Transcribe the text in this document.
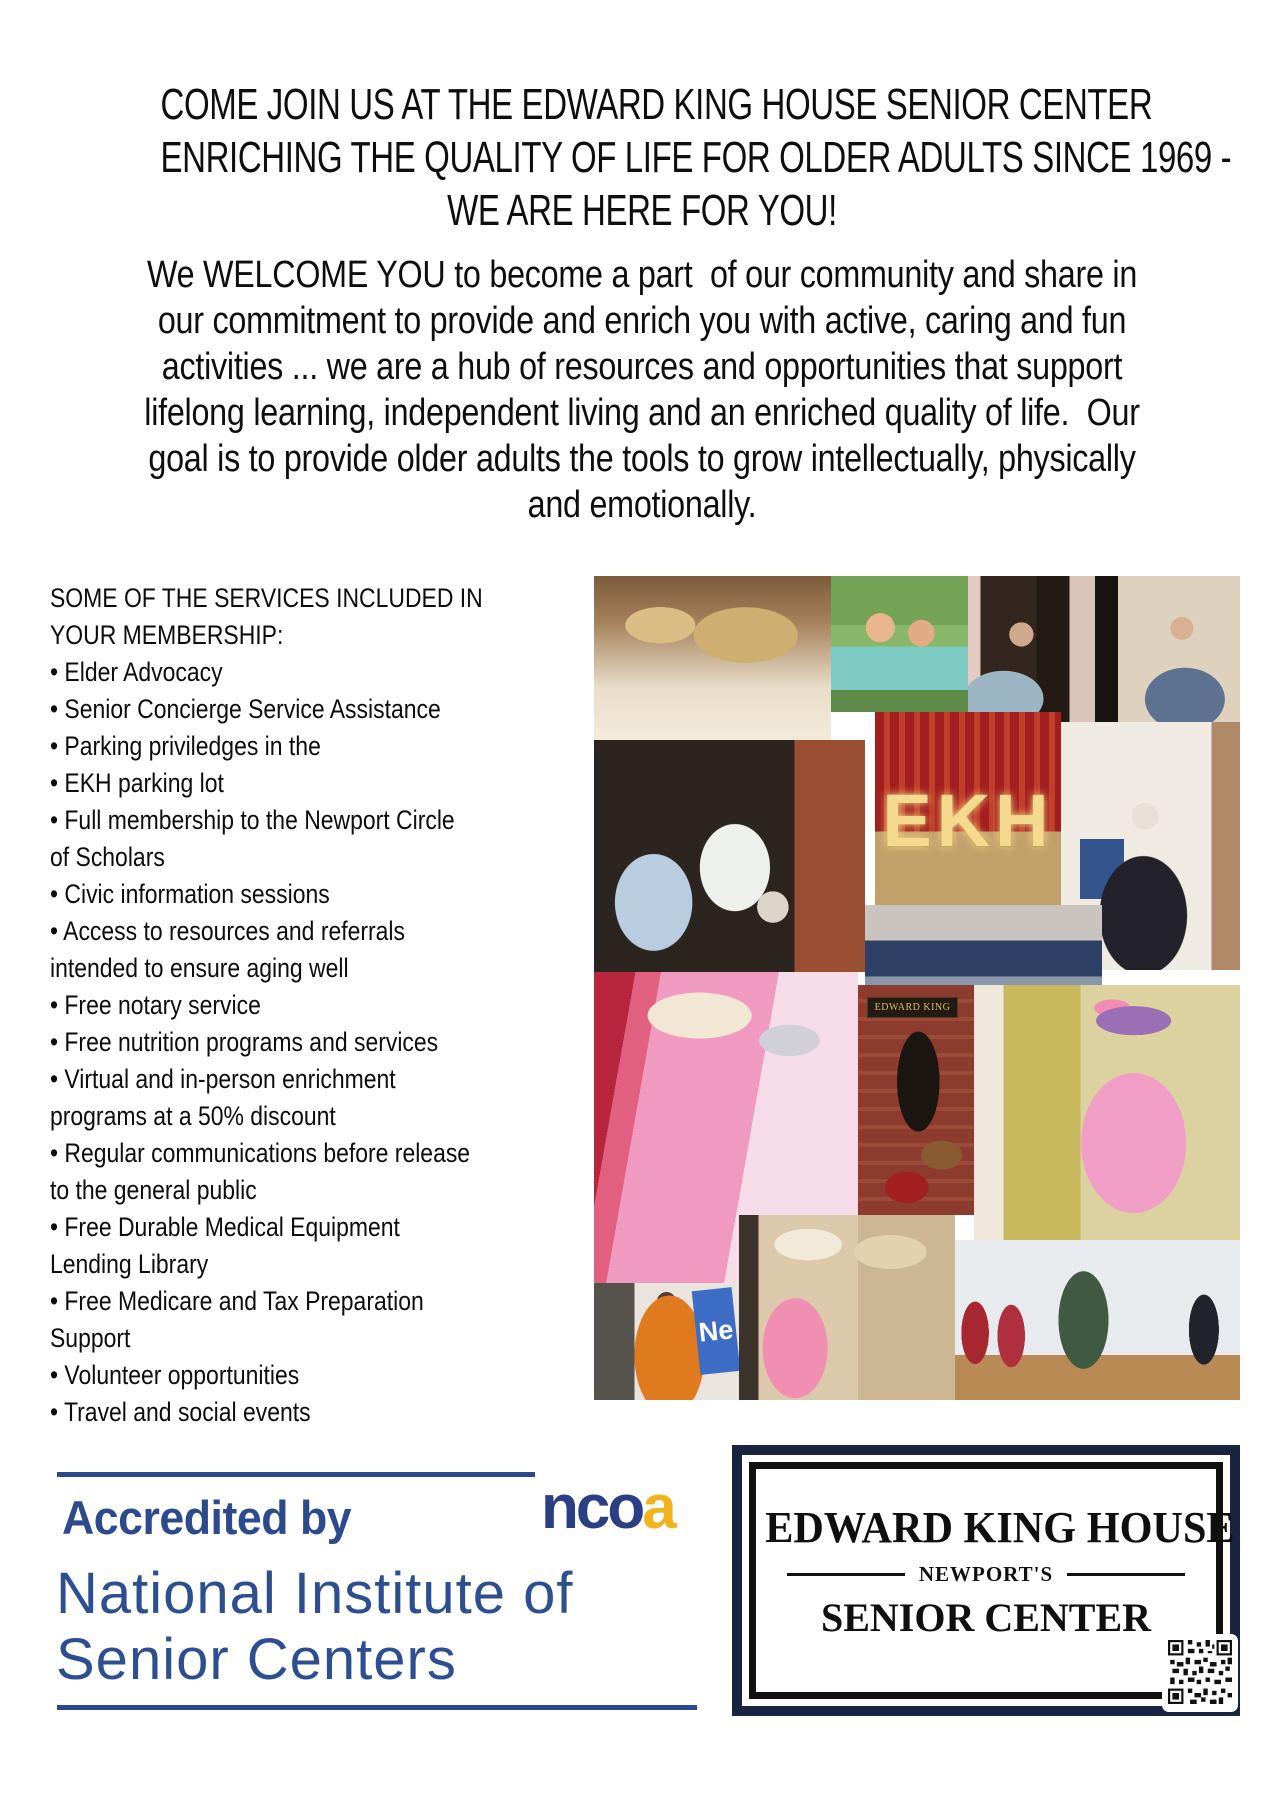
COME JOIN US AT THE EDWARD KING HOUSE SENIOR CENTER
ENRICHING THE QUALITY OF LIFE FOR OLDER ADULTS SINCE 1969 -
WE ARE HERE FOR YOU!
We WELCOME YOU to become a part  of our community and share in
our commitment to provide and enrich you with active, caring and fun
activities ... we are a hub of resources and opportunities that support
lifelong learning, independent living and an enriched quality of life.  Our
goal is to provide older adults the tools to grow intellectually, physically
and emotionally.
SOME OF THE SERVICES INCLUDED IN
YOUR MEMBERSHIP:
• Elder Advocacy
• Senior Concierge Service Assistance
• Parking priviledges in the
• EKH parking lot
• Full membership to the Newport Circle
of Scholars
• Civic information sessions
• Access to resources and referrals
intended to ensure aging well
• Free notary service
• Free nutrition programs and services
• Virtual and in-person enrichment
programs at a 50% discount
• Regular communications before release
to the general public
• Free Durable Medical Equipment
Lending Library
• Free Medicare and Tax Preparation
Support
• Volunteer opportunities
• Travel and social events
EKH
EDWARD KING
Ne
Accredited by	ncoa
National Institute of
Senior Centers
EDWARD KING HOUSE
NEWPORT'S
SENIOR CENTER
